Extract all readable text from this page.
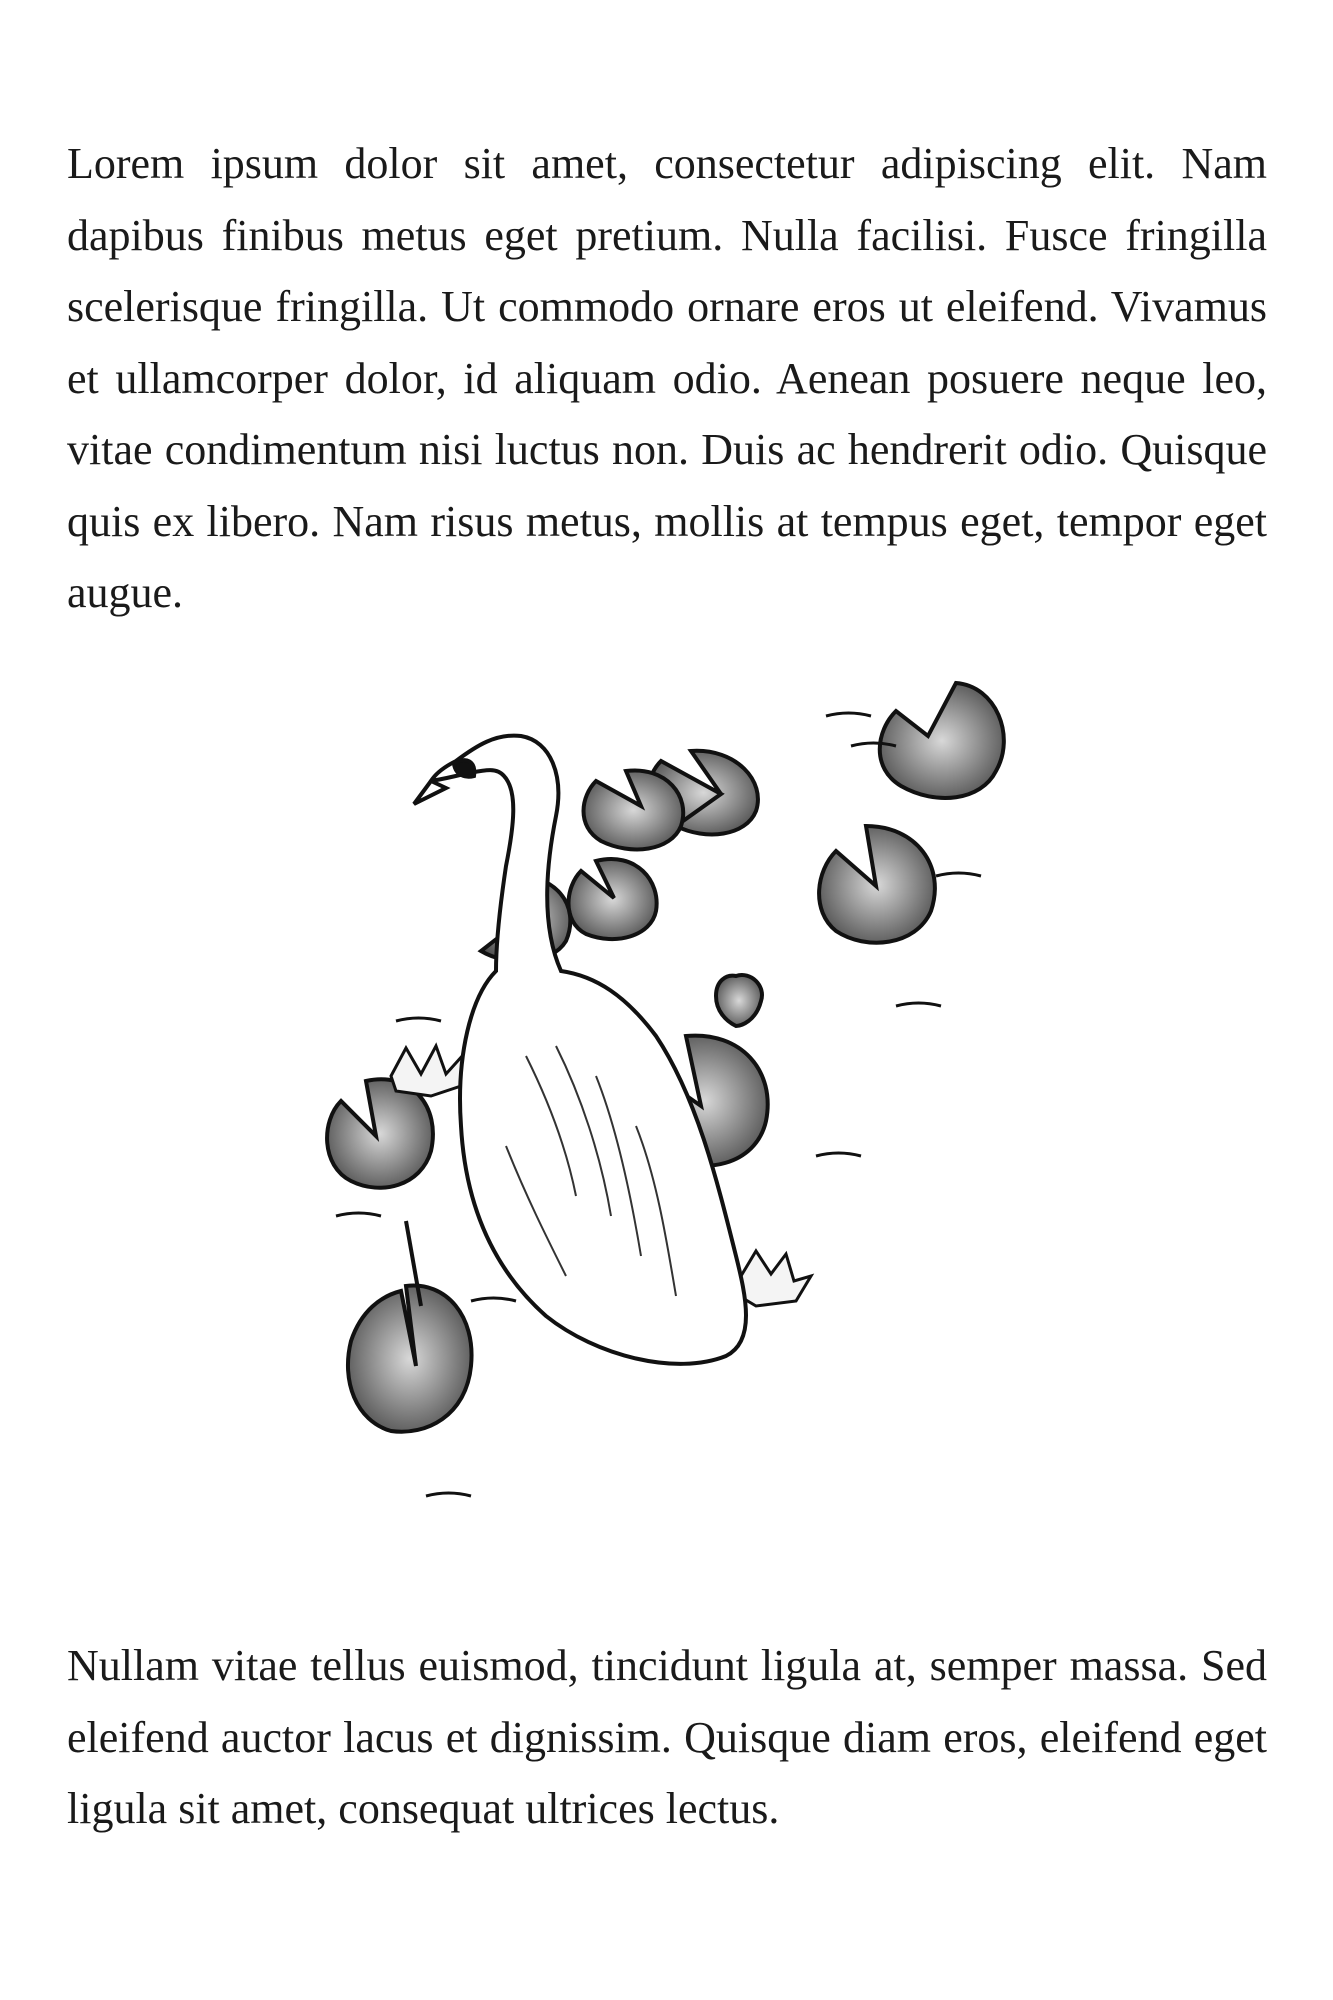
Lorem ipsum dolor sit amet, consectetur adipiscing elit. Nam dapibus finibus metus eget pretium. Nulla facilisi. Fusce fringilla scelerisque fringilla. Ut commodo ornare eros ut eleifend. Vivamus et ullamcorper dolor, id aliquam odio. Aenean posuere neque leo, vitae condimentum nisi luctus non. Duis ac hendrerit odio. Quisque quis ex libero. Nam risus metus, mollis at tempus eget, tempor eget augue.

Nullam vitae tellus euismod, tincidunt ligula at, semper massa. Sed eleifend auctor lacus et dignissim. Quisque diam eros, eleifend eget ligula sit amet, consequat ultrices lectus.
